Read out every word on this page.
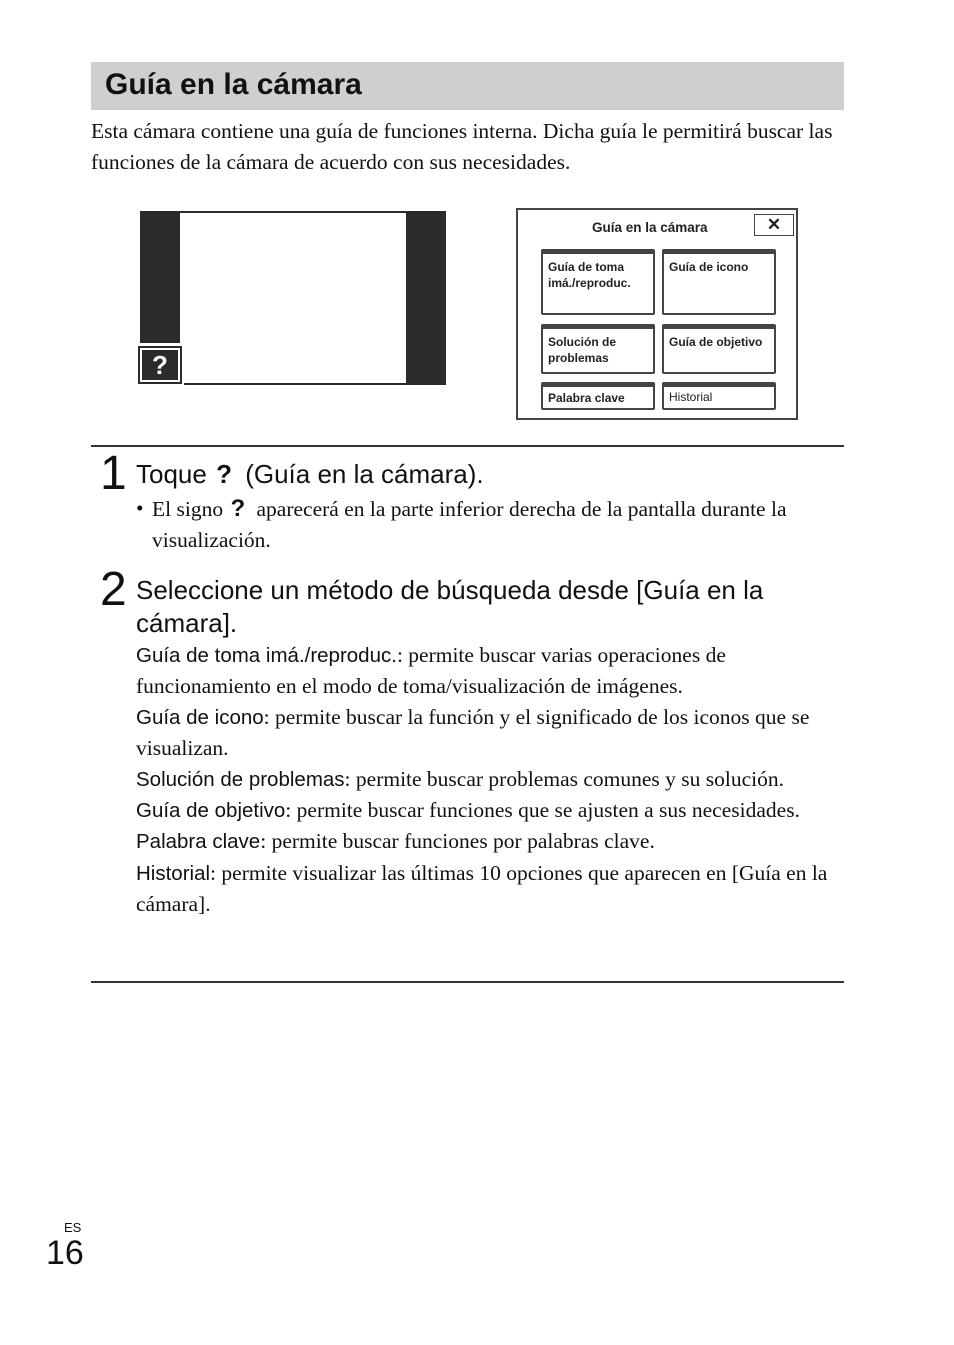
Guía en la cámara
Esta cámara contiene una guía de funciones interna. Dicha guía le permitirá buscar las funciones de la cámara de acuerdo con sus necesidades.
?
Guía en la cámara	✕
Guía de toma imá./reproduc.
Guía de icono
Solución de problemas
Guía de objetivo
Palabra clave	Historial
1 Toque ? (Guía en la cámara).
• El signo ? aparecerá en la parte inferior derecha de la pantalla durante la visualización.
2 Seleccione un método de búsqueda desde [Guía en la cámara].

Guía de toma imá./reproduc.: permite buscar varias operaciones de funcionamiento en el modo de toma/visualización de imágenes.

Guía de icono: permite buscar la función y el significado de los iconos que se visualizan.

Solución de problemas: permite buscar problemas comunes y su solución.

Guía de objetivo: permite buscar funciones que se ajusten a sus necesidades.

Palabra clave: permite buscar funciones por palabras clave.

Historial: permite visualizar las últimas 10 opciones que aparecen en [Guía en la cámara].

ES
16
